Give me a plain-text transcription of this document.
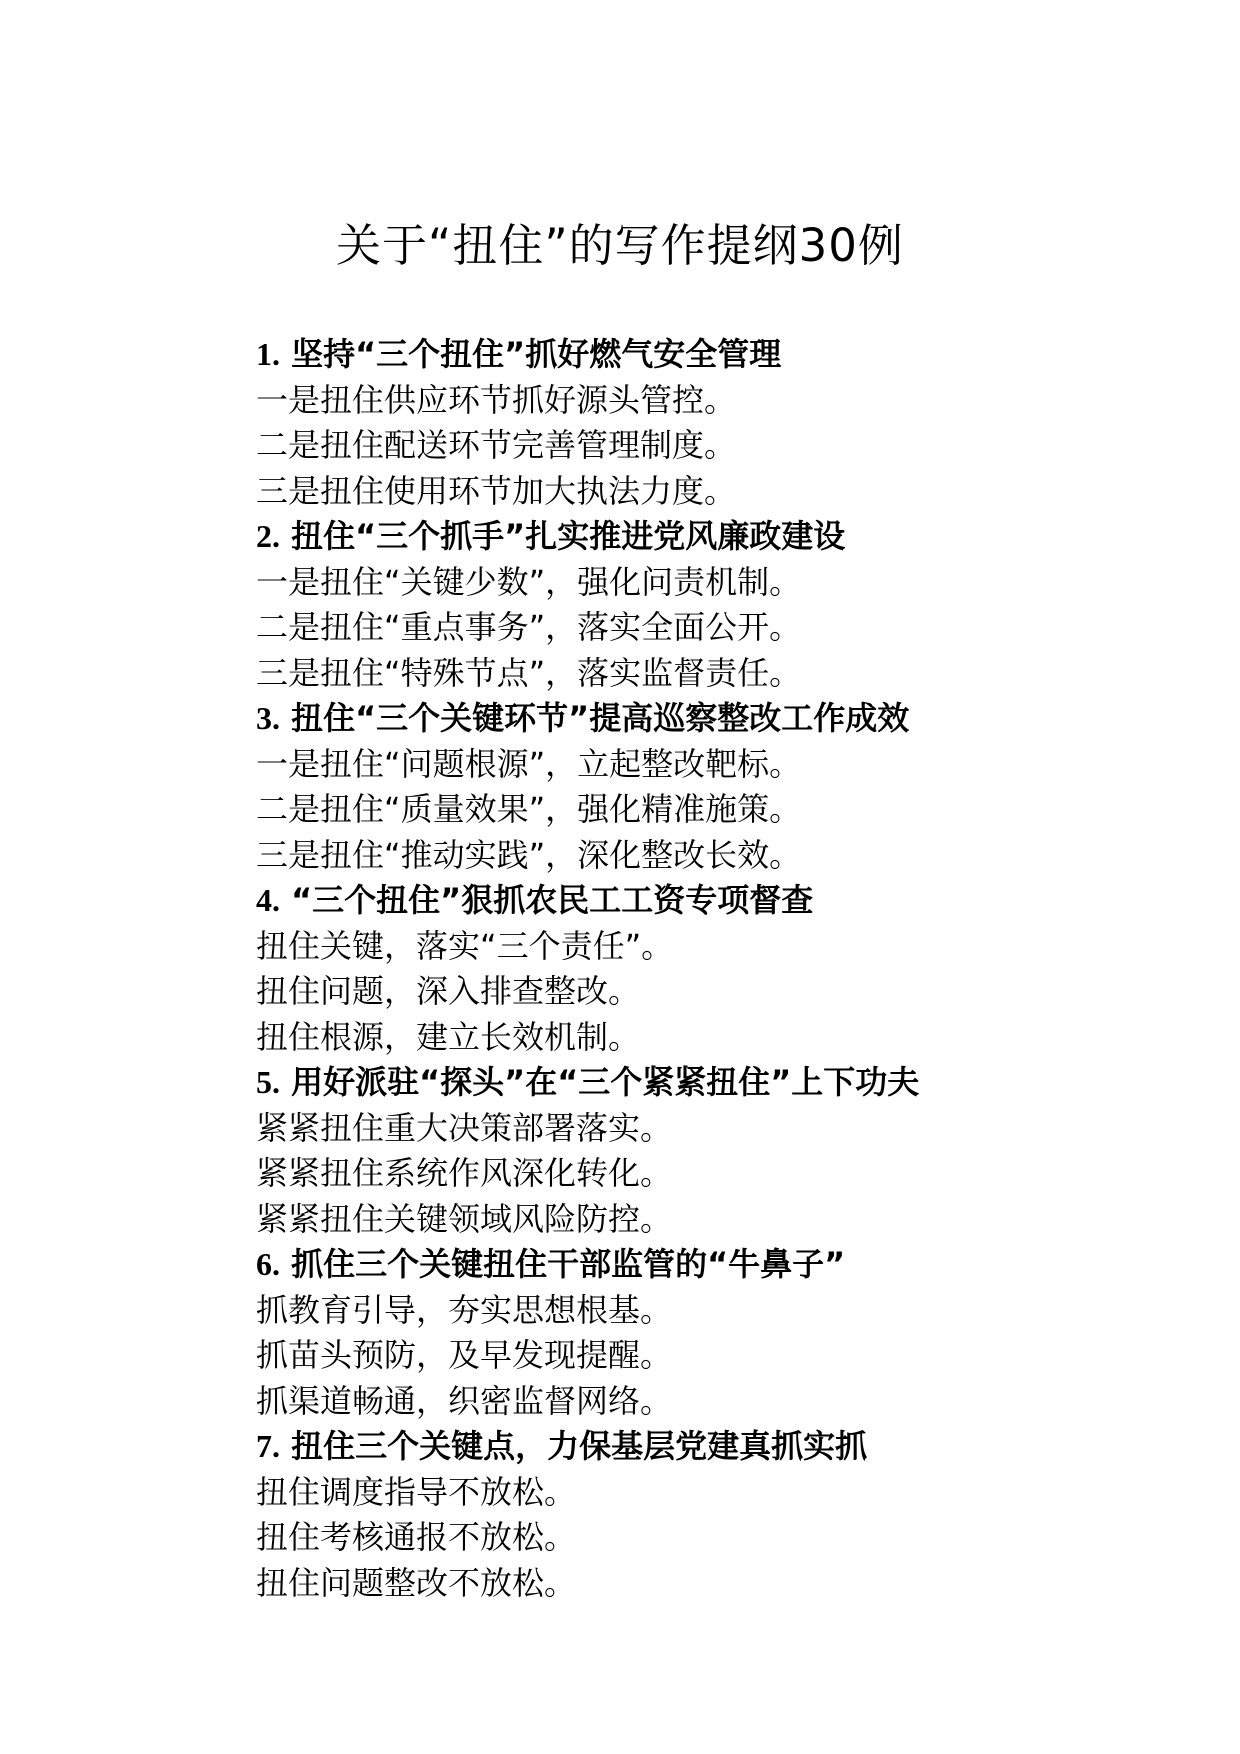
关于“扭住”的写作提纲30例
1. 坚持“三个扭住”抓好燃气安全管理
一是扭住供应环节抓好源头管控。
二是扭住配送环节完善管理制度。
三是扭住使用环节加大执法力度。
2. 扭住“三个抓手”扎实推进党风廉政建设
一是扭住“关键少数”，强化问责机制。
二是扭住“重点事务”，落实全面公开。
三是扭住“特殊节点”，落实监督责任。
3. 扭住“三个关键环节”提高巡察整改工作成效
一是扭住“问题根源”，立起整改靶标。
二是扭住“质量效果”，强化精准施策。
三是扭住“推动实践”，深化整改长效。
4. “三个扭住”狠抓农民工工资专项督查
扭住关键，落实“三个责任”。
扭住问题，深入排查整改。
扭住根源，建立长效机制。
5. 用好派驻“探头”在“三个紧紧扭住”上下功夫
紧紧扭住重大决策部署落实。
紧紧扭住系统作风深化转化。
紧紧扭住关键领域风险防控。
6. 抓住三个关键扭住干部监管的“牛鼻子”
抓教育引导，夯实思想根基。
抓苗头预防，及早发现提醒。
抓渠道畅通，织密监督网络。
7. 扭住三个关键点，力保基层党建真抓实抓
扭住调度指导不放松。
扭住考核通报不放松。
扭住问题整改不放松。
